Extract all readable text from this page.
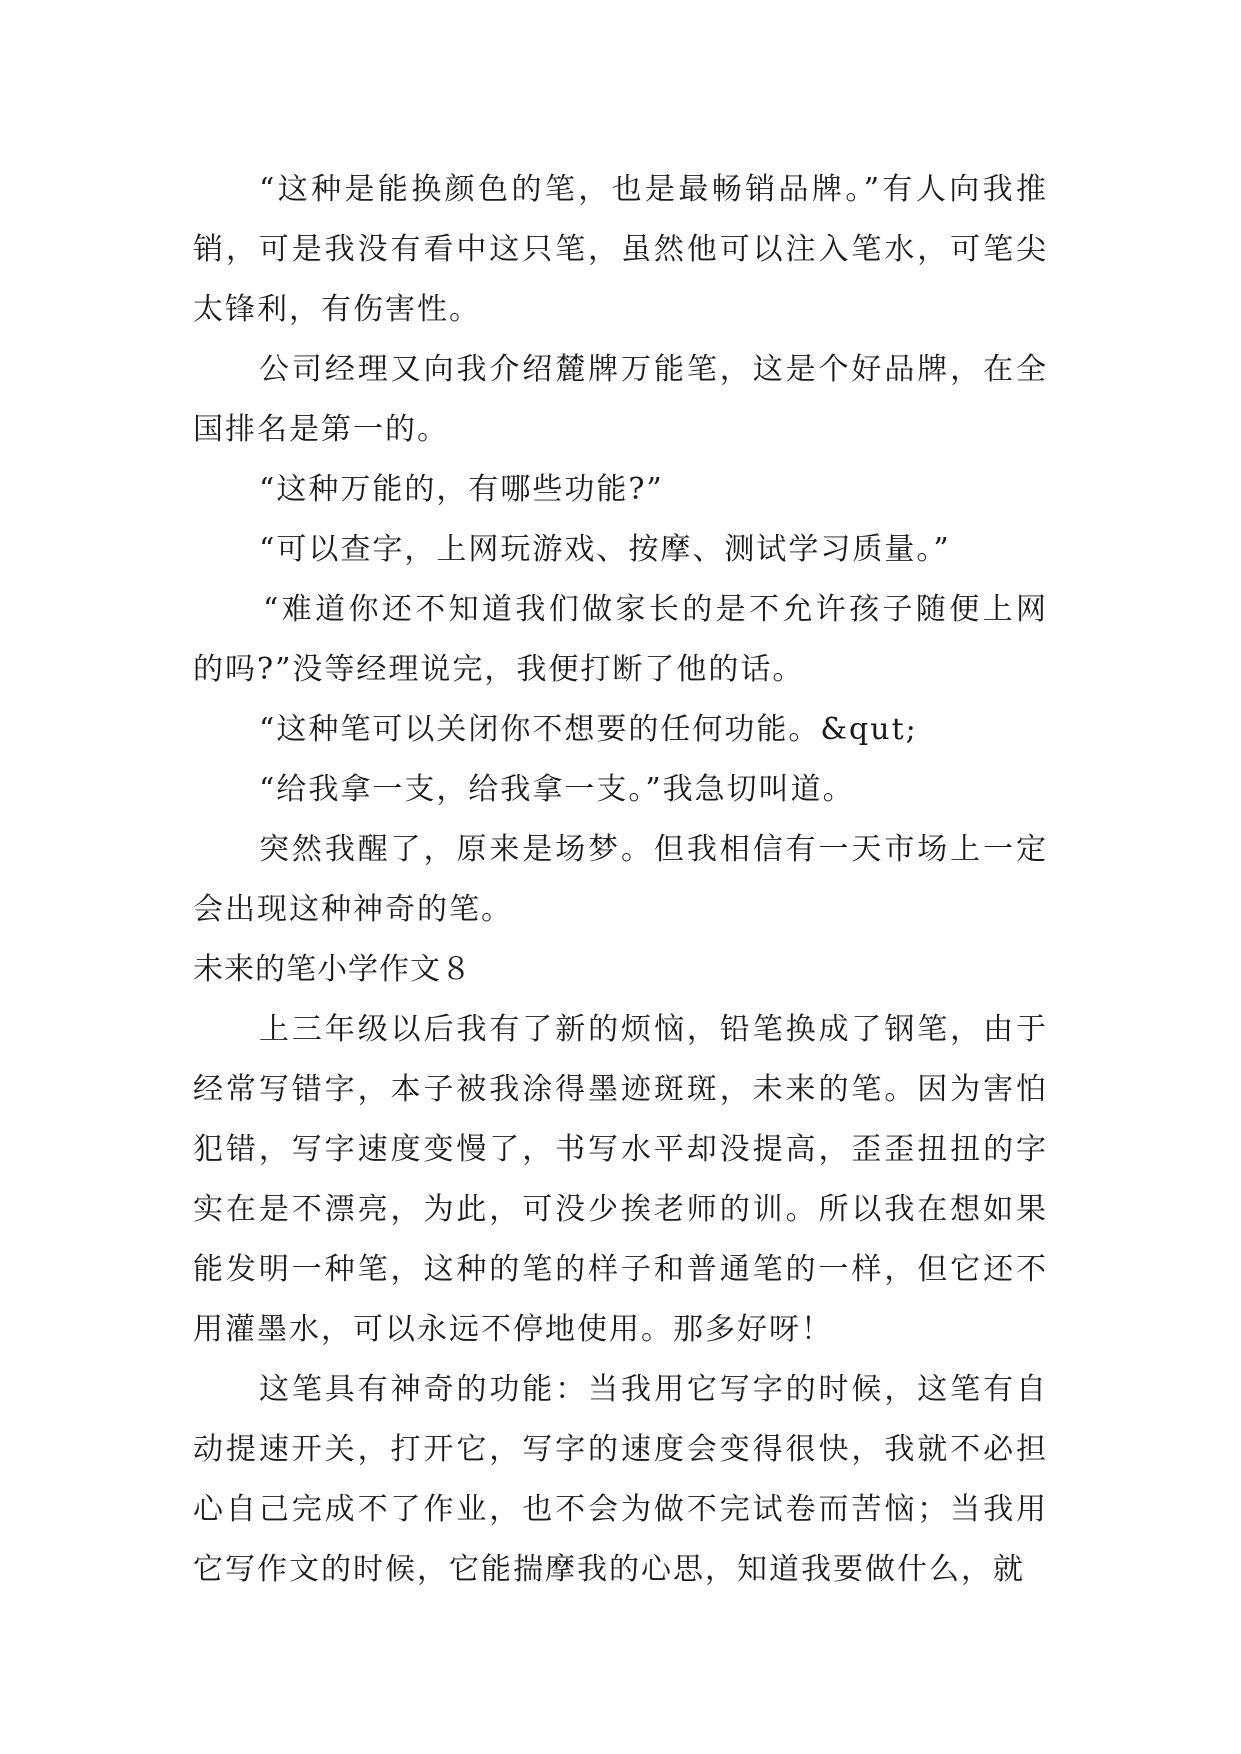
“这种是能换颜色的笔，也是最畅销品牌。”有人向我推销，可是我没有看中这只笔，虽然他可以注入笔水，可笔尖太锋利，有伤害性。

公司经理又向我介绍麓牌万能笔，这是个好品牌，在全国排名是第一的。

“这种万能的，有哪些功能?”

“可以查字，上网玩游戏、按摩、测试学习质量。”

“难道你还不知道我们做家长的是不允许孩子随便上网的吗?”没等经理说完，我便打断了他的话。

“这种笔可以关闭你不想要的任何功能。&qut;

“给我拿一支，给我拿一支。”我急切叫道。

突然我醒了，原来是场梦。但我相信有一天市场上一定会出现这种神奇的笔。

未来的笔小学作文８

上三年级以后我有了新的烦恼，铅笔换成了钢笔，由于经常写错字，本子被我涂得墨迹斑斑，未来的笔。因为害怕犯错，写字速度变慢了，书写水平却没提高，歪歪扭扭的字实在是不漂亮，为此，可没少挨老师的训。所以我在想如果能发明一种笔，这种的笔的样子和普通笔的一样，但它还不用灌墨水，可以永远不停地使用。那多好呀！

这笔具有神奇的功能：当我用它写字的时候，这笔有自动提速开关，打开它，写字的速度会变得很快，我就不必担心自己完成不了作业，也不会为做不完试卷而苦恼；当我用它写作文的时候，它能揣摩我的心思，知道我要做什么，就
